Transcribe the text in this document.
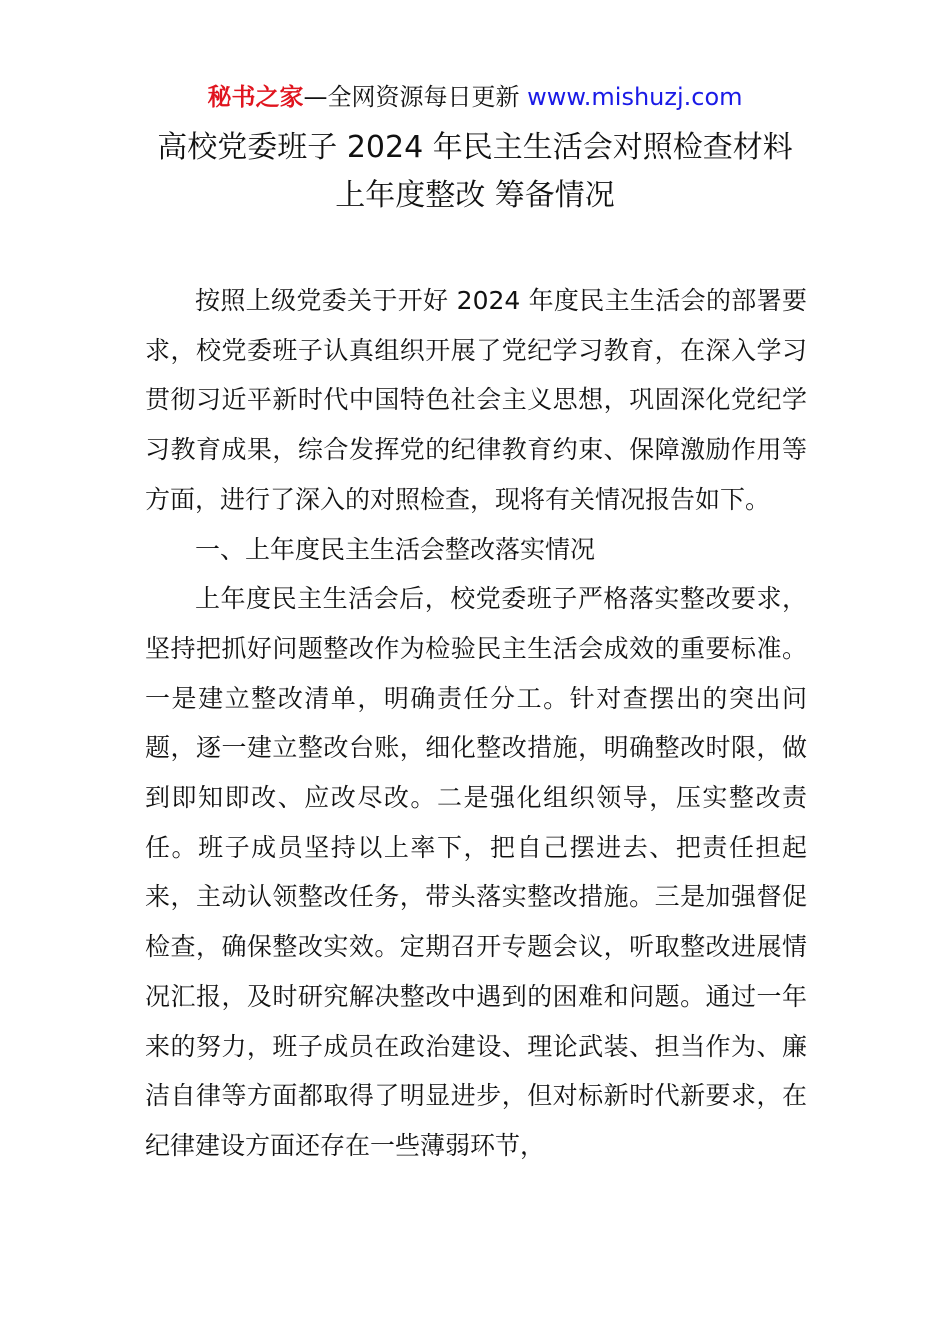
秘书之家—全网资源每日更新 www.mishuzj.com
高校党委班子 2024 年民主生活会对照检查材料
上年度整改 筹备情况

按照上级党委关于开好 2024 年度民主生活会的部署要求，校党委班子认真组织开展了党纪学习教育，在深入学习贯彻习近平新时代中国特色社会主义思想，巩固深化党纪学习教育成果，综合发挥党的纪律教育约束、保障激励作用等方面，进行了深入的对照检查，现将有关情况报告如下。

一、上年度民主生活会整改落实情况

上年度民主生活会后，校党委班子严格落实整改要求，坚持把抓好问题整改作为检验民主生活会成效的重要标准。一是建立整改清单，明确责任分工。针对查摆出的突出问题，逐一建立整改台账，细化整改措施，明确整改时限，做到即知即改、应改尽改。二是强化组织领导，压实整改责任。班子成员坚持以上率下，把自己摆进去、把责任担起来，主动认领整改任务，带头落实整改措施。三是加强督促检查，确保整改实效。定期召开专题会议，听取整改进展情况汇报，及时研究解决整改中遇到的困难和问题。通过一年来的努力，班子成员在政治建设、理论武装、担当作为、廉洁自律等方面都取得了明显进步，但对标新时代新要求，在纪律建设方面还存在一些薄弱环节，
